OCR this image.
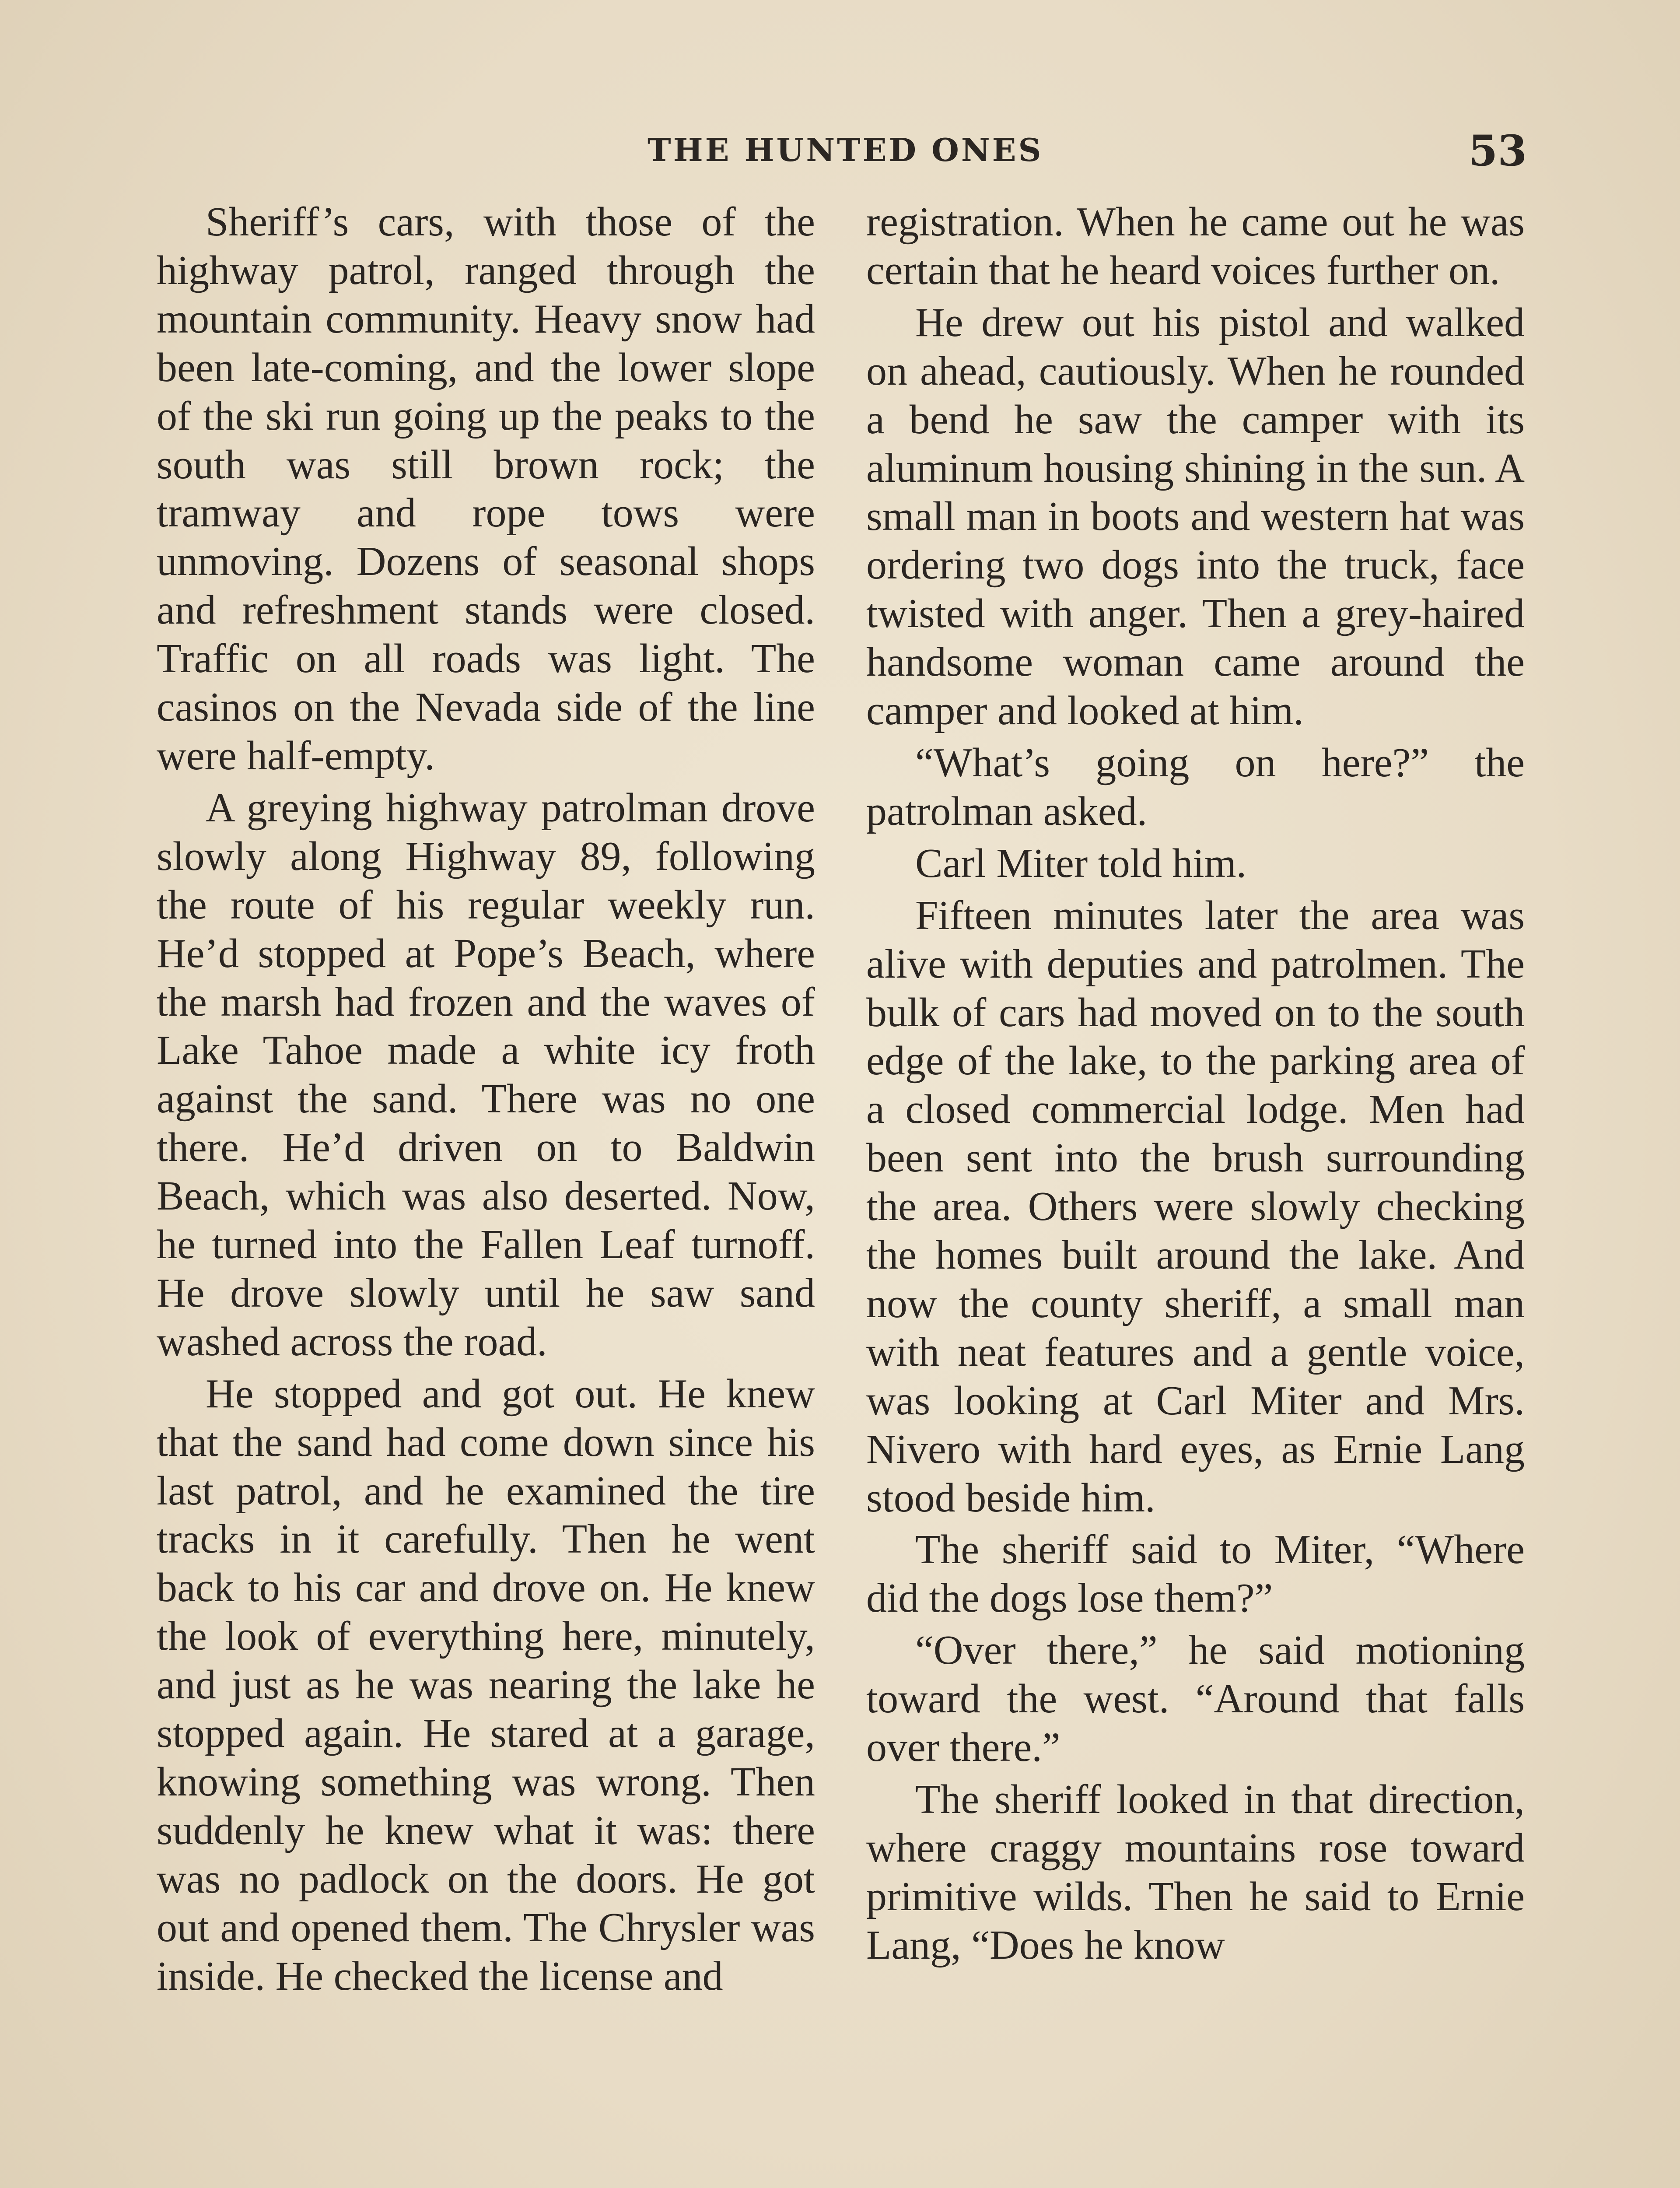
THE HUNTED ONES	53

Sheriff’s cars, with those of the highway patrol, ranged through the mountain community. Heavy snow had been late-coming, and the lower slope of the ski run going up the peaks to the south was still brown rock; the tramway and rope tows were unmoving. Dozens of seasonal shops and refreshment stands were closed. Traffic on all roads was light. The casinos on the Nevada side of the line were half-empty.

A greying highway patrolman drove slowly along Highway 89, following the route of his regular weekly run. He’d stopped at Pope’s Beach, where the marsh had frozen and the waves of Lake Tahoe made a white icy froth against the sand. There was no one there. He’d driven on to Baldwin Beach, which was also deserted. Now, he turned into the Fallen Leaf turnoff. He drove slowly until he saw sand washed across the road.

He stopped and got out. He knew that the sand had come down since his last patrol, and he examined the tire tracks in it carefully. Then he went back to his car and drove on. He knew the look of everything here, minutely, and just as he was nearing the lake he stopped again. He stared at a garage, knowing something was wrong. Then suddenly he knew what it was: there was no padlock on the doors. He got out and opened them. The Chrysler was inside. He checked the license and

registration. When he came out he was certain that he heard voices further on.

He drew out his pistol and walked on ahead, cautiously. When he rounded a bend he saw the camper with its aluminum housing shining in the sun. A small man in boots and western hat was ordering two dogs into the truck, face twisted with anger. Then a grey-haired handsome woman came around the camper and looked at him.

“What’s going on here?” the patrolman asked.

Carl Miter told him.

Fifteen minutes later the area was alive with deputies and patrolmen. The bulk of cars had moved on to the south edge of the lake, to the parking area of a closed commercial lodge. Men had been sent into the brush surrounding the area. Others were slowly checking the homes built around the lake. And now the county sheriff, a small man with neat features and a gentle voice, was looking at Carl Miter and Mrs. Nivero with hard eyes, as Ernie Lang stood beside him.

The sheriff said to Miter, “Where did the dogs lose them?”

“Over there,” he said motioning toward the west. “Around that falls over there.”

The sheriff looked in that direction, where craggy mountains rose toward primitive wilds. Then he said to Ernie Lang, “Does he know
